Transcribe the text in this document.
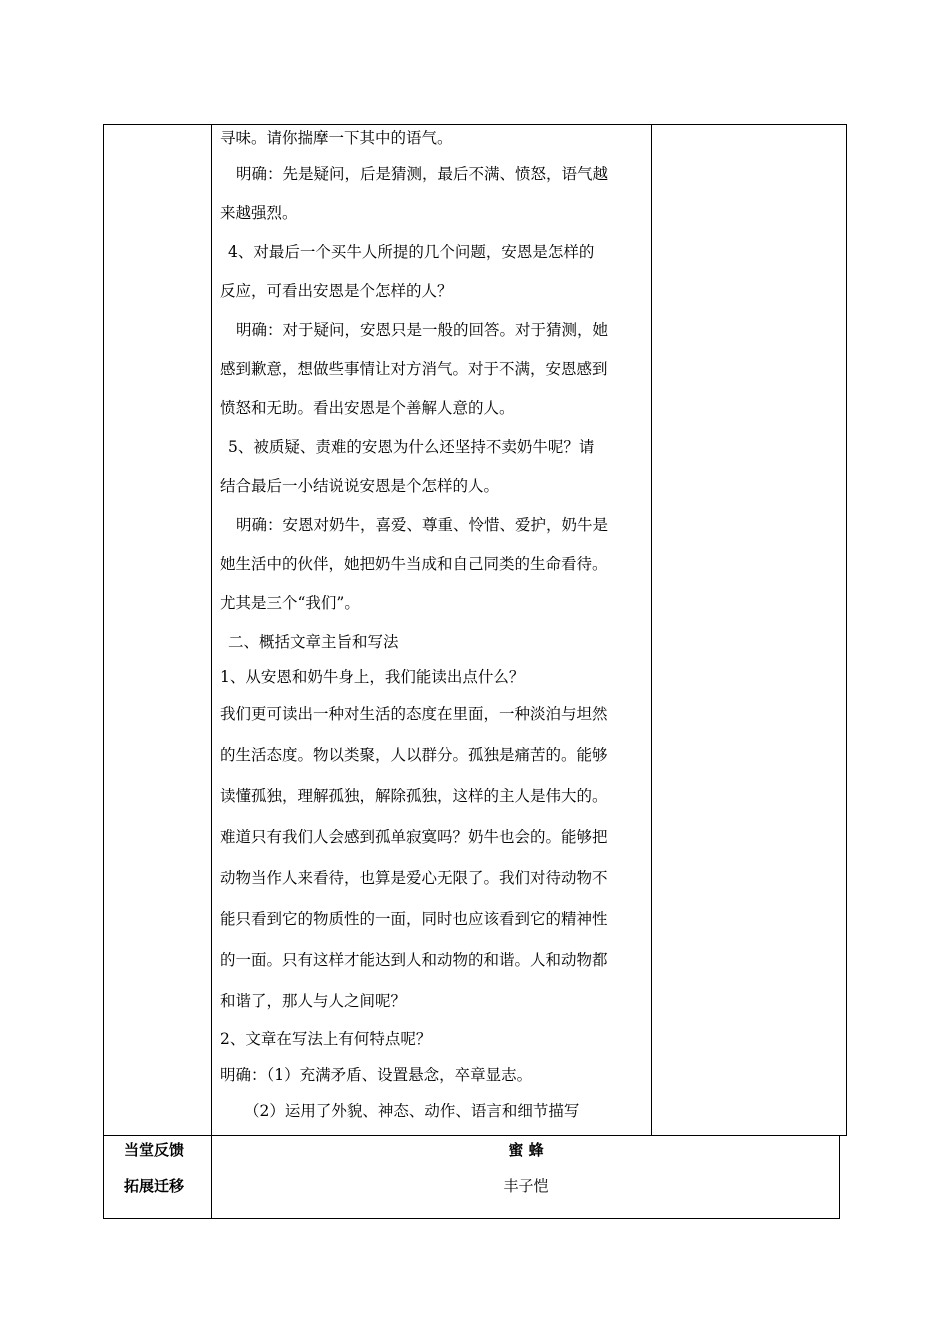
寻味。请你揣摩一下其中的语气。
明确：先是疑问，后是猜测，最后不满、愤怒，语气越
来越强烈。
4、对最后一个买牛人所提的几个问题，安恩是怎样的
反应，可看出安恩是个怎样的人？
明确：对于疑问，安恩只是一般的回答。对于猜测，她
感到歉意，想做些事情让对方消气。对于不满，安恩感到
愤怒和无助。看出安恩是个善解人意的人。
5、被质疑、责难的安恩为什么还坚持不卖奶牛呢？请
结合最后一小结说说安恩是个怎样的人。
明确：安恩对奶牛，喜爱、尊重、怜惜、爱护，奶牛是
她生活中的伙伴，她把奶牛当成和自己同类的生命看待。
尤其是三个“我们”。
二、概括文章主旨和写法
1、从安恩和奶牛身上，我们能读出点什么？
我们更可读出一种对生活的态度在里面，一种淡泊与坦然
的生活态度。物以类聚，人以群分。孤独是痛苦的。能够
读懂孤独，理解孤独，解除孤独，这样的主人是伟大的。
难道只有我们人会感到孤单寂寞吗？奶牛也会的。能够把
动物当作人来看待，也算是爱心无限了。我们对待动物不
能只看到它的物质性的一面，同时也应该看到它的精神性
的一面。只有这样才能达到人和动物的和谐。人和动物都
和谐了，那人与人之间呢？
2、文章在写法上有何特点呢？
明确：（1）充满矛盾、设置悬念，卒章显志。
（2）运用了外貌、神态、动作、语言和细节描写
当堂反馈
拓展迁移
蜜 蜂
丰子恺
